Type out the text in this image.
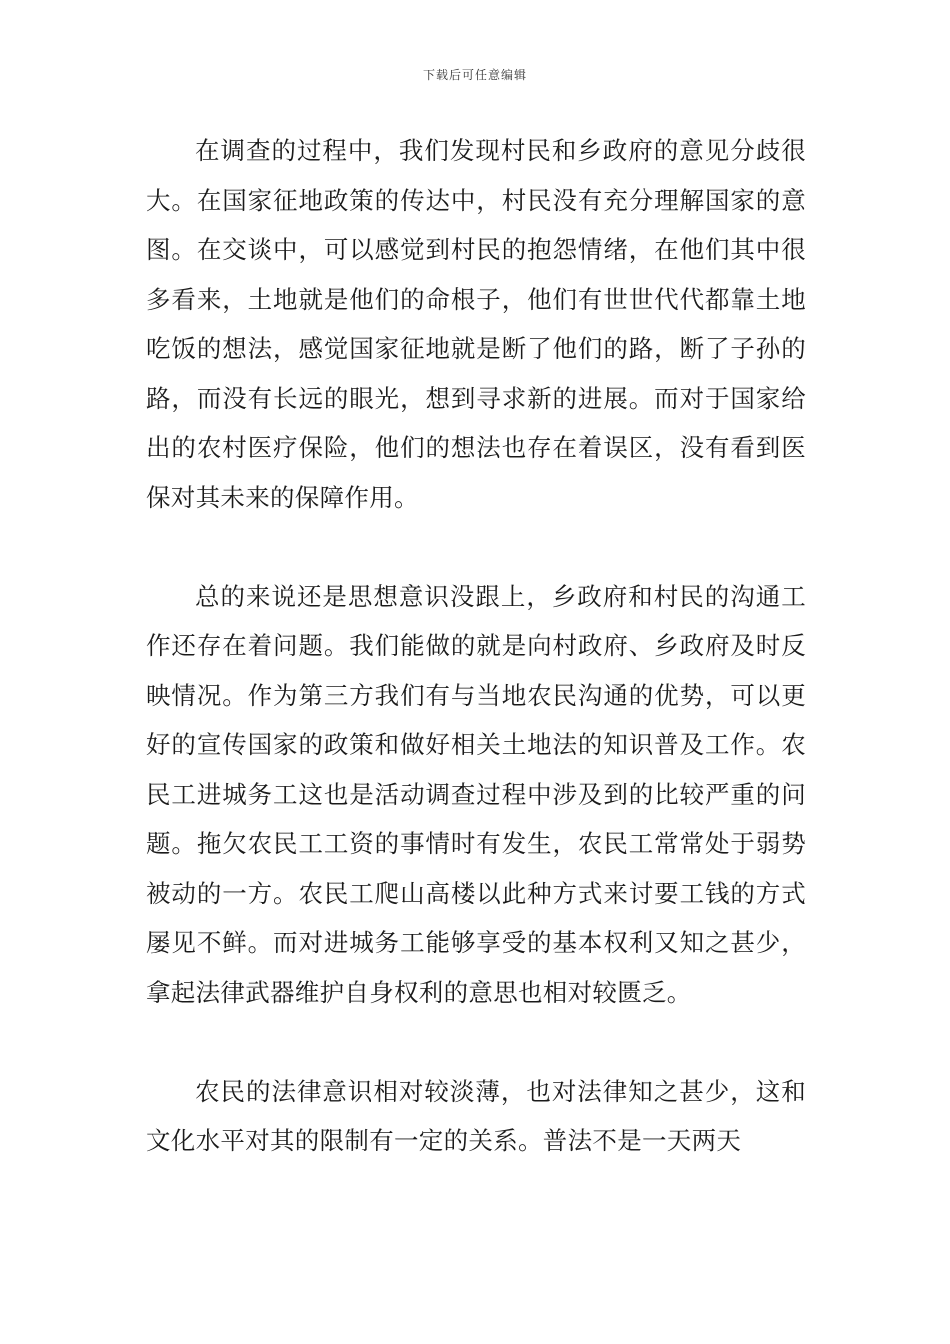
下载后可任意编辑

在调查的过程中，我们发现村民和乡政府的意见分歧很大。在国家征地政策的传达中，村民没有充分理解国家的意图。在交谈中，可以感觉到村民的抱怨情绪，在他们其中很多看来，土地就是他们的命根子，他们有世世代代都靠土地吃饭的想法，感觉国家征地就是断了他们的路，断了子孙的路，而没有长远的眼光，想到寻求新的进展。而对于国家给出的农村医疗保险，他们的想法也存在着误区，没有看到医保对其未来的保障作用。

总的来说还是思想意识没跟上，乡政府和村民的沟通工作还存在着问题。我们能做的就是向村政府、乡政府及时反映情况。作为第三方我们有与当地农民沟通的优势，可以更好的宣传国家的政策和做好相关土地法的知识普及工作。农民工进城务工这也是活动调查过程中涉及到的比较严重的问题。拖欠农民工工资的事情时有发生，农民工常常处于弱势被动的一方。农民工爬山高楼以此种方式来讨要工钱的方式屡见不鲜。而对进城务工能够享受的基本权利又知之甚少，拿起法律武器维护自身权利的意思也相对较匮乏。

农民的法律意识相对较淡薄，也对法律知之甚少，这和文化水平对其的限制有一定的关系。普法不是一天两天
